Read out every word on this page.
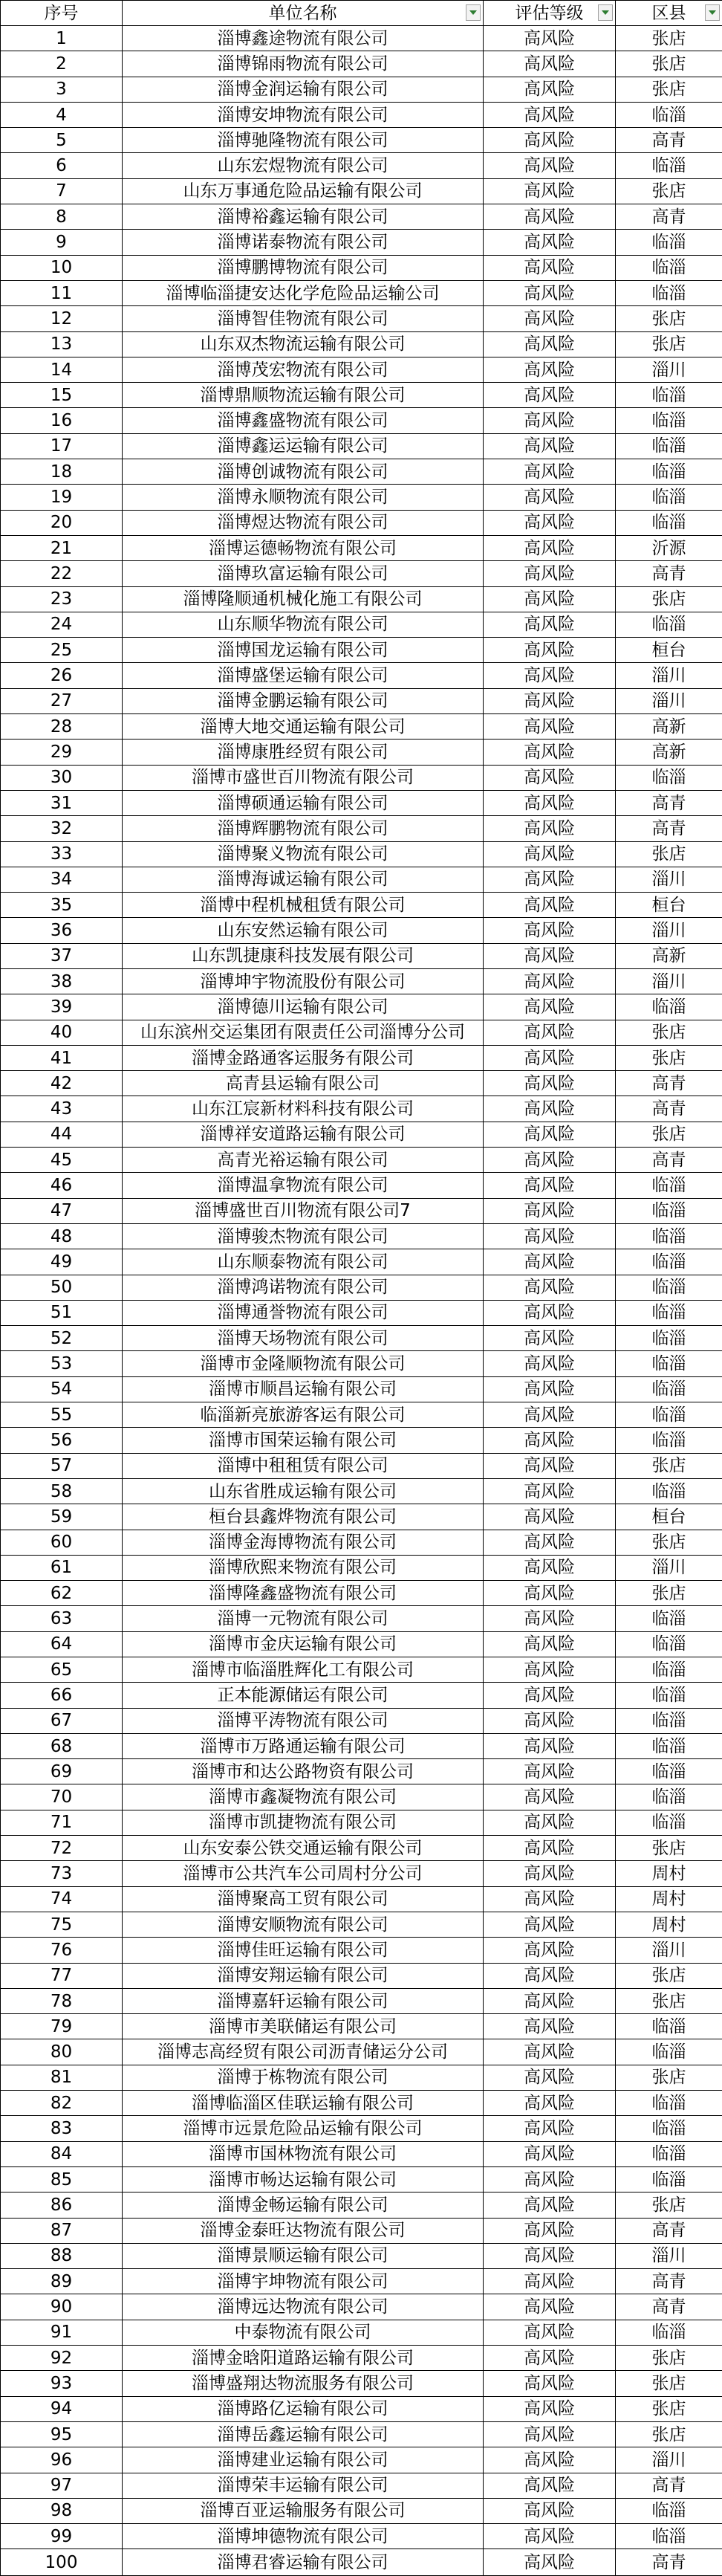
序号	单位名称	评估等级	区县

1	淄博鑫途物流有限公司	高风险	张店
2	淄博锦雨物流有限公司	高风险	张店
3	淄博金润运输有限公司	高风险	张店
4	淄博安坤物流有限公司	高风险	临淄
5	淄博驰隆物流有限公司	高风险	高青
6	山东宏煜物流有限公司	高风险	临淄
7	山东万事通危险品运输有限公司	高风险	张店
8	淄博裕鑫运输有限公司	高风险	高青
9	淄博诺泰物流有限公司	高风险	临淄
10	淄博鹏博物流有限公司	高风险	临淄
11	淄博临淄捷安达化学危险品运输公司	高风险	临淄
12	淄博智佳物流有限公司	高风险	张店
13	山东双杰物流运输有限公司	高风险	张店
14	淄博茂宏物流有限公司	高风险	淄川
15	淄博鼎顺物流运输有限公司	高风险	临淄
16	淄博鑫盛物流有限公司	高风险	临淄
17	淄博鑫运运输有限公司	高风险	临淄
18	淄博创诚物流有限公司	高风险	临淄
19	淄博永顺物流有限公司	高风险	临淄
20	淄博煜达物流有限公司	高风险	临淄
21	淄博运德畅物流有限公司	高风险	沂源
22	淄博玖富运输有限公司	高风险	高青
23	淄博隆顺通机械化施工有限公司	高风险	张店
24	山东顺华物流有限公司	高风险	临淄
25	淄博国龙运输有限公司	高风险	桓台
26	淄博盛堡运输有限公司	高风险	淄川
27	淄博金鹏运输有限公司	高风险	淄川
28	淄博大地交通运输有限公司	高风险	高新
29	淄博康胜经贸有限公司	高风险	高新
30	淄博市盛世百川物流有限公司	高风险	临淄
31	淄博硕通运输有限公司	高风险	高青
32	淄博辉鹏物流有限公司	高风险	高青
33	淄博聚义物流有限公司	高风险	张店
34	淄博海诚运输有限公司	高风险	淄川
35	淄博中程机械租赁有限公司	高风险	桓台
36	山东安然运输有限公司	高风险	淄川
37	山东凯捷康科技发展有限公司	高风险	高新
38	淄博坤宇物流股份有限公司	高风险	淄川
39	淄博德川运输有限公司	高风险	临淄
40	山东滨州交运集团有限责任公司淄博分公司	高风险	张店
41	淄博金路通客运服务有限公司	高风险	张店
42	高青县运输有限公司	高风险	高青
43	山东江宸新材料科技有限公司	高风险	高青
44	淄博祥安道路运输有限公司	高风险	张店
45	高青光裕运输有限公司	高风险	高青
46	淄博温拿物流有限公司	高风险	临淄
47	淄博盛世百川物流有限公司7	高风险	临淄
48	淄博骏杰物流有限公司	高风险	临淄
49	山东顺泰物流有限公司	高风险	临淄
50	淄博鸿诺物流有限公司	高风险	临淄
51	淄博通誉物流有限公司	高风险	临淄
52	淄博天场物流有限公司	高风险	临淄
53	淄博市金隆顺物流有限公司	高风险	临淄
54	淄博市顺昌运输有限公司	高风险	临淄
55	临淄新亮旅游客运有限公司	高风险	临淄
56	淄博市国荣运输有限公司	高风险	临淄
57	淄博中租租赁有限公司	高风险	张店
58	山东省胜成运输有限公司	高风险	临淄
59	桓台县鑫烨物流有限公司	高风险	桓台
60	淄博金海博物流有限公司	高风险	张店
61	淄博欣熙来物流有限公司	高风险	淄川
62	淄博隆鑫盛物流有限公司	高风险	张店
63	淄博一元物流有限公司	高风险	临淄
64	淄博市金庆运输有限公司	高风险	临淄
65	淄博市临淄胜辉化工有限公司	高风险	临淄
66	正本能源储运有限公司	高风险	临淄
67	淄博平涛物流有限公司	高风险	临淄
68	淄博市万路通运输有限公司	高风险	临淄
69	淄博市和达公路物资有限公司	高风险	临淄
70	淄博市鑫凝物流有限公司	高风险	临淄
71	淄博市凯捷物流有限公司	高风险	临淄
72	山东安泰公铁交通运输有限公司	高风险	张店
73	淄博市公共汽车公司周村分公司	高风险	周村
74	淄博聚高工贸有限公司	高风险	周村
75	淄博安顺物流有限公司	高风险	周村
76	淄博佳旺运输有限公司	高风险	淄川
77	淄博安翔运输有限公司	高风险	张店
78	淄博嘉轩运输有限公司	高风险	张店
79	淄博市美联储运有限公司	高风险	临淄
80	淄博志高经贸有限公司沥青储运分公司	高风险	临淄
81	淄博于栋物流有限公司	高风险	张店
82	淄博临淄区佳联运输有限公司	高风险	临淄
83	淄博市远景危险品运输有限公司	高风险	临淄
84	淄博市国林物流有限公司	高风险	临淄
85	淄博市畅达运输有限公司	高风险	临淄
86	淄博金畅运输有限公司	高风险	张店
87	淄博金泰旺达物流有限公司	高风险	高青
88	淄博景顺运输有限公司	高风险	淄川
89	淄博宇坤物流有限公司	高风险	高青
90	淄博远达物流有限公司	高风险	高青
91	中泰物流有限公司	高风险	临淄
92	淄博金晗阳道路运输有限公司	高风险	张店
93	淄博盛翔达物流服务有限公司	高风险	张店
94	淄博路亿运输有限公司	高风险	张店
95	淄博岳鑫运输有限公司	高风险	张店
96	淄博建业运输有限公司	高风险	淄川
97	淄博荣丰运输有限公司	高风险	高青
98	淄博百亚运输服务有限公司	高风险	临淄
99	淄博坤德物流有限公司	高风险	临淄
100	淄博君睿运输有限公司	高风险	高青
